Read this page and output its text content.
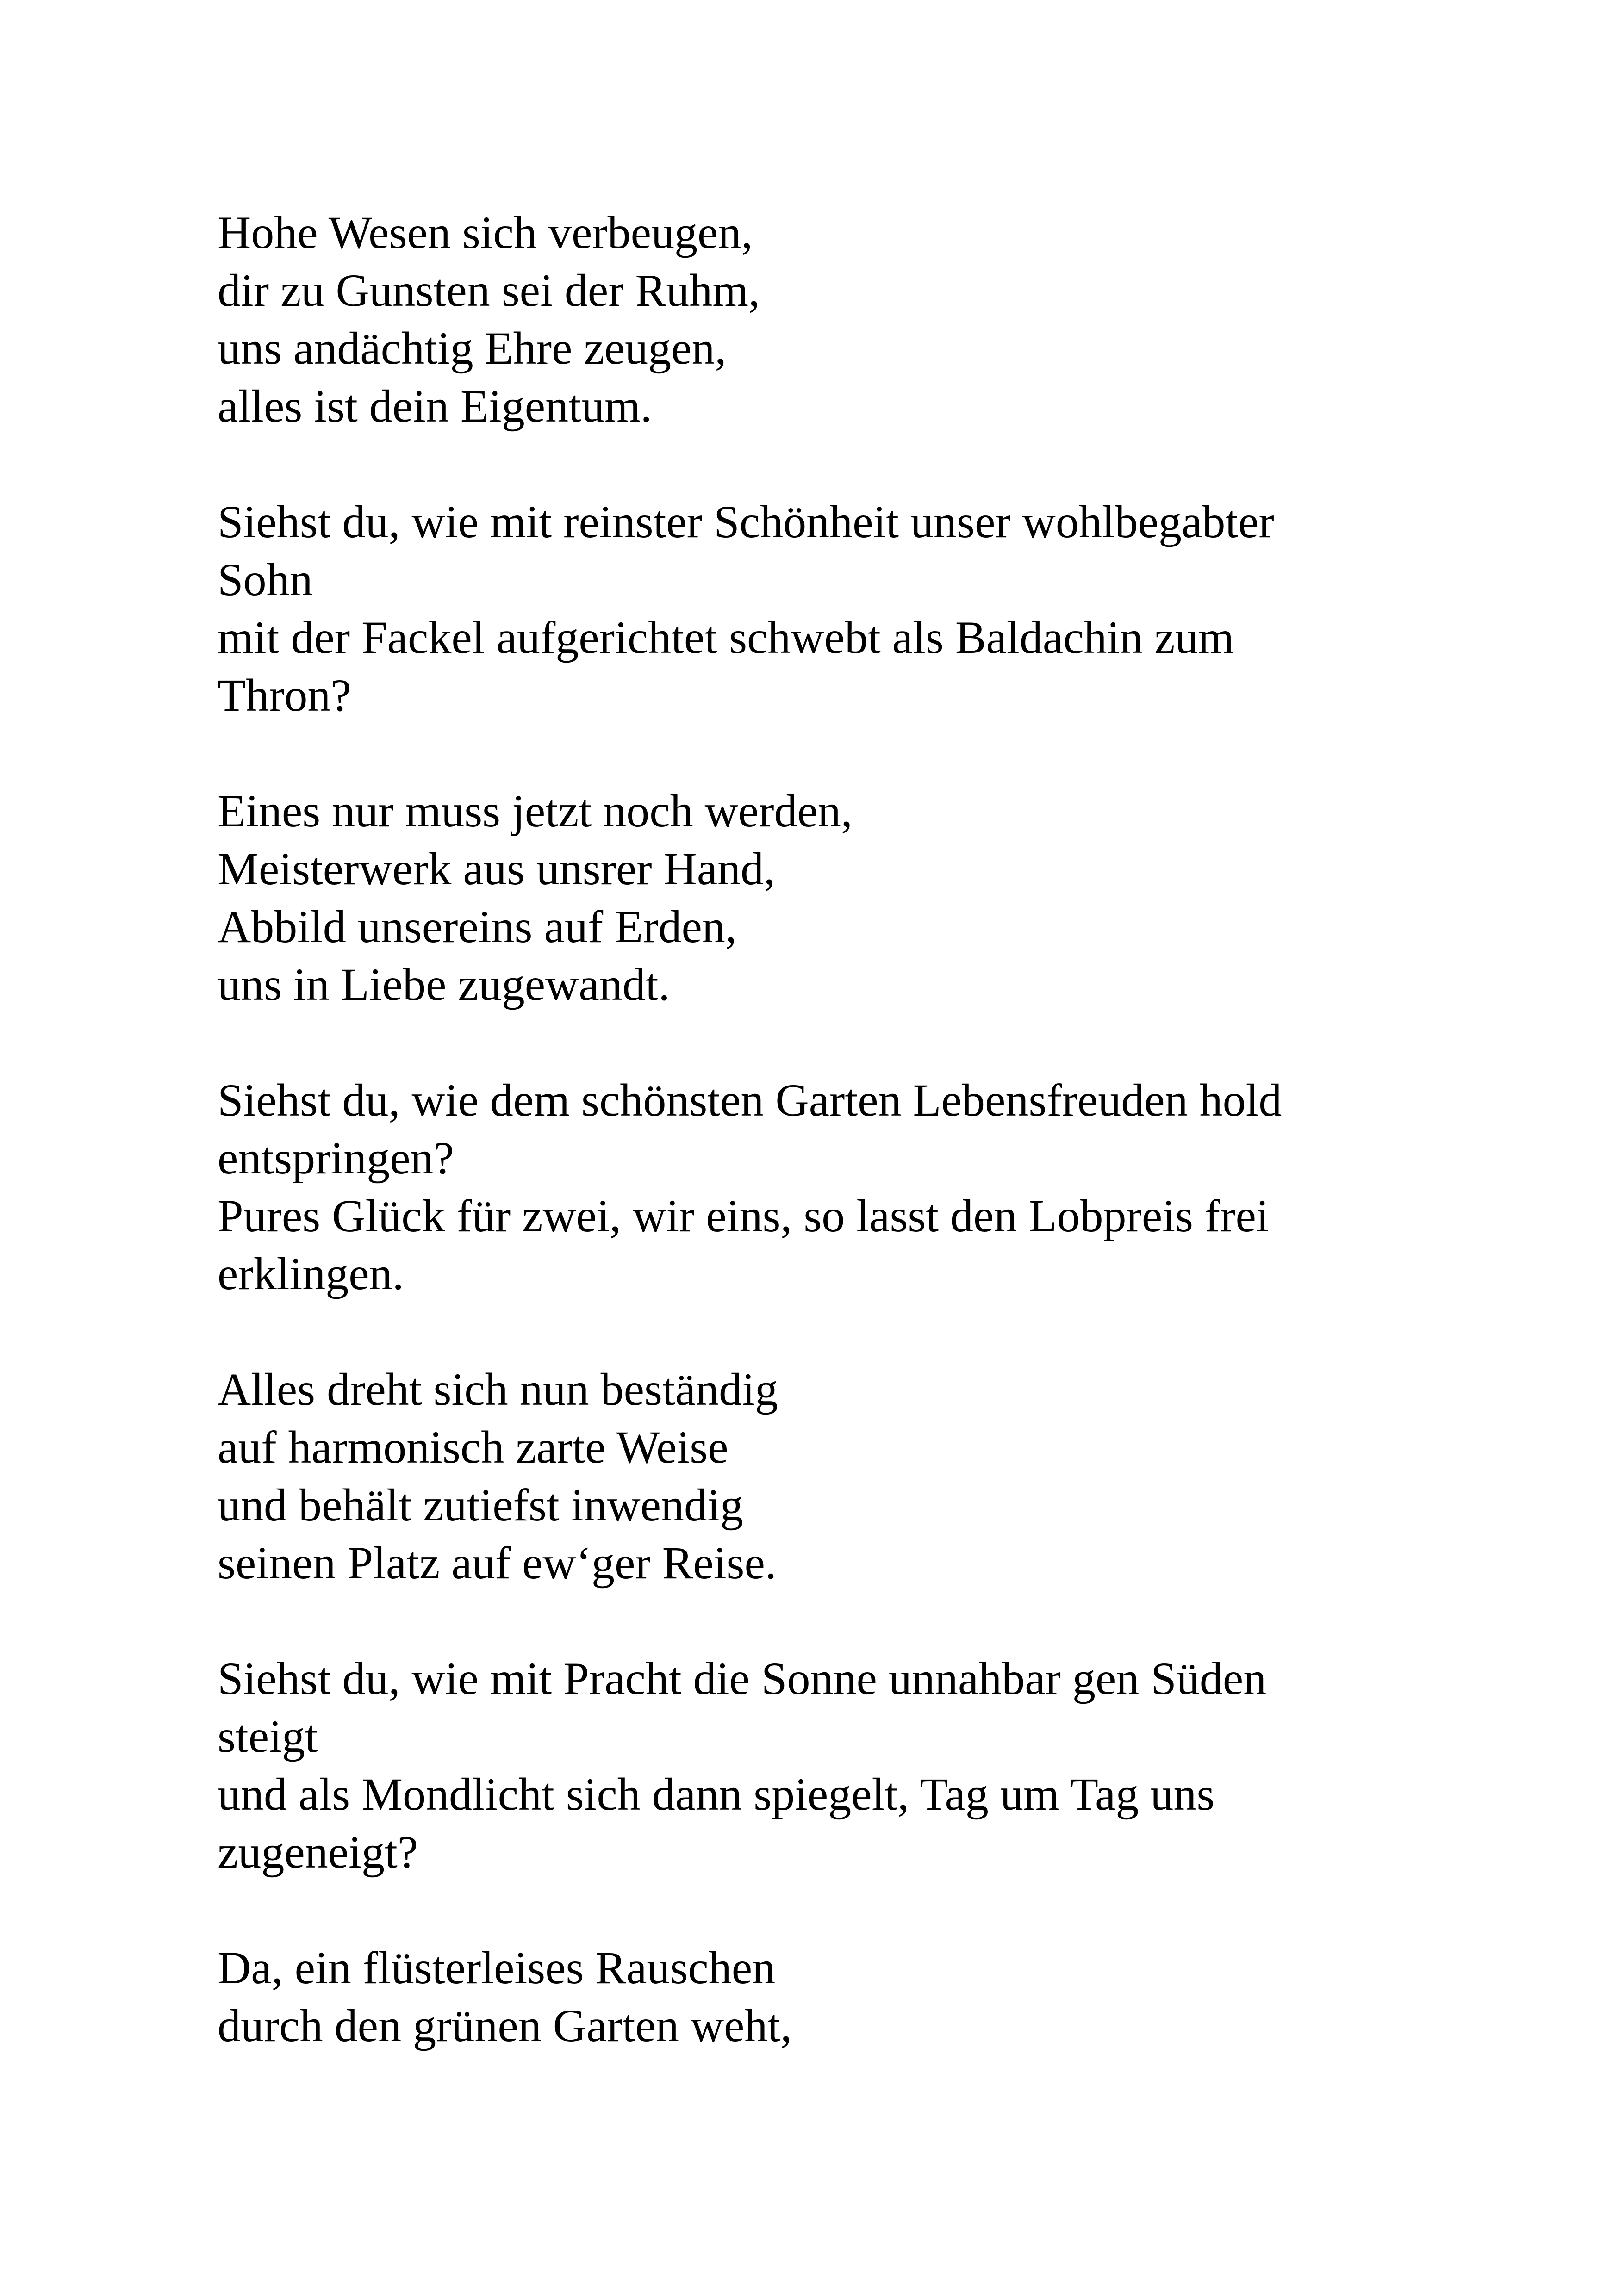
Hohe Wesen sich verbeugen,
dir zu Gunsten sei der Ruhm,
uns andächtig Ehre zeugen,
alles ist dein Eigentum.
Siehst du, wie mit reinster Schönheit unser wohlbegabter
Sohn
mit der Fackel aufgerichtet schwebt als Baldachin zum
Thron?
Eines nur muss jetzt noch werden,
Meisterwerk aus unsrer Hand,
Abbild unsereins auf Erden,
uns in Liebe zugewandt.
Siehst du, wie dem schönsten Garten Lebensfreuden hold
entspringen?
Pures Glück für zwei, wir eins, so lasst den Lobpreis frei
erklingen.
Alles dreht sich nun beständig
auf harmonisch zarte Weise
und behält zutiefst inwendig
seinen Platz auf ew‘ger Reise.
Siehst du, wie mit Pracht die Sonne unnahbar gen Süden
steigt
und als Mondlicht sich dann spiegelt, Tag um Tag uns
zugeneigt?
Da, ein flüsterleises Rauschen
durch den grünen Garten weht,
